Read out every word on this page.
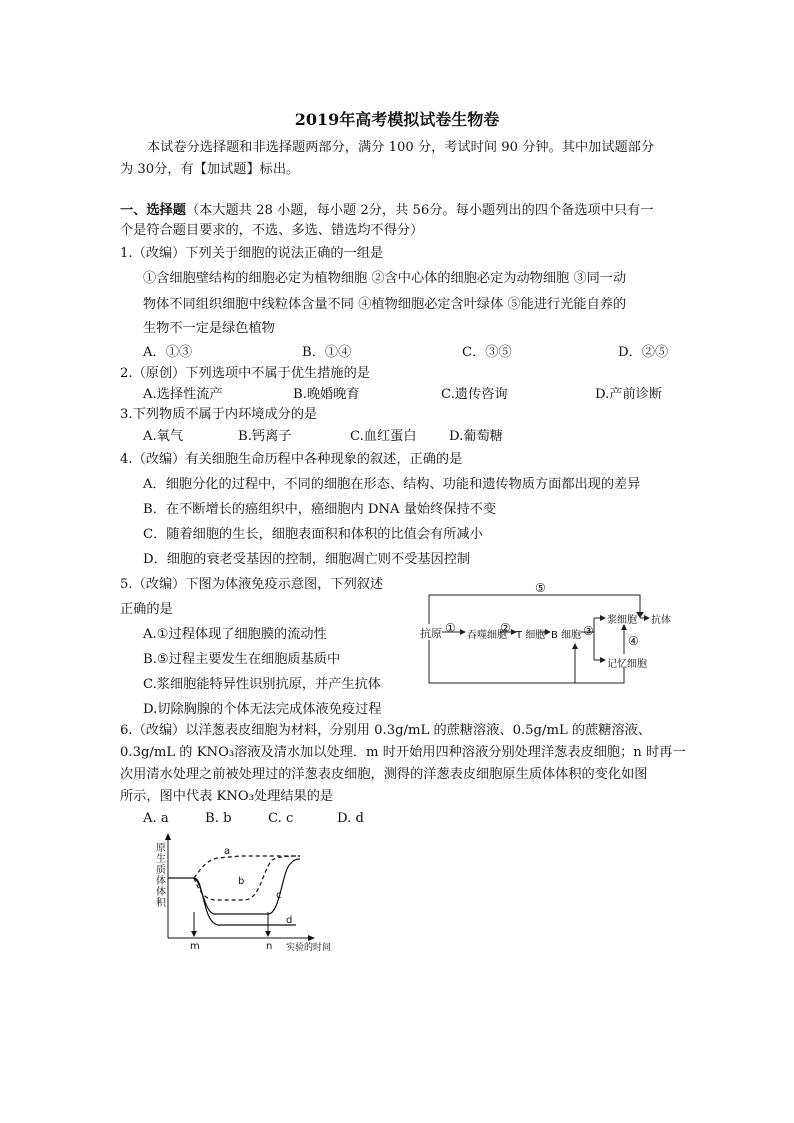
2019年高考模拟试卷生物卷
本试卷分选择题和非选择题两部分，满分 100 分，考试时间 90 分钟。其中加试题部分
为 30分，有【加试题】标出。
一、选择题（本大题共 28 小题，每小题 2分，共 56分。每小题列出的四个备选项中只有一
个是符合题目要求的，不选、多选、错选均不得分）
1.（改编）下列关于细胞的说法正确的一组是
①含细胞壁结构的细胞必定为植物细胞 ②含中心体的细胞必定为动物细胞 ③同一动
物体不同组织细胞中线粒体含量不同 ④植物细胞必定含叶绿体 ⑤能进行光能自养的
生物不一定是绿色植物
A．①③	B．①④	C．③⑤	D．②⑤
2.（原创）下列选项中不属于优生措施的是
A.选择性流产	B.晚婚晚育	C.遗传咨询	D.产前诊断
3.下列物质不属于内环境成分的是
A.氧气	B.钙离子	C.血红蛋白 D.葡萄糖
4.（改编）有关细胞生命历程中各种现象的叙述，正确的是
A．细胞分化的过程中，不同的细胞在形态、结构、功能和遗传物质方面都出现的差异
B．在不断增长的癌组织中，癌细胞内 DNA 量始终保持不变
C．随着细胞的生长，细胞表面积和体积的比值会有所减小
D．细胞的衰老受基因的控制，细胞凋亡则不受基因控制
5.（改编）下图为体液免疫示意图，下列叙述
正确的是
A.①过程体现了细胞膜的流动性
B.⑤过程主要发生在细胞质基质中
C.浆细胞能特异性识别抗原，并产生抗体
D.切除胸腺的个体无法完成体液免疫过程
抗原 ①
吞噬细胞
②
T 细胞 B 细胞 ③
浆细胞 抗体
④
记忆细胞
⑤
6.（改编）以洋葱表皮细胞为材料，分别用 0.3g/mL 的蔗糖溶液、0.5g/mL 的蔗糖溶液、
0.3g/mL 的 KNO₃溶液及清水加以处理．m 时开始用四种溶液分别处理洋葱表皮细胞；n 时再一
次用清水处理之前被处理过的洋葱表皮细胞，测得的洋葱表皮细胞原生质体体积的变化如图
所示，图中代表 KNO₃处理结果的是
A. a	B. b	C. c	D. d
原
生
质
体
体
积
a
b
c
d
m	n 实验的时间
